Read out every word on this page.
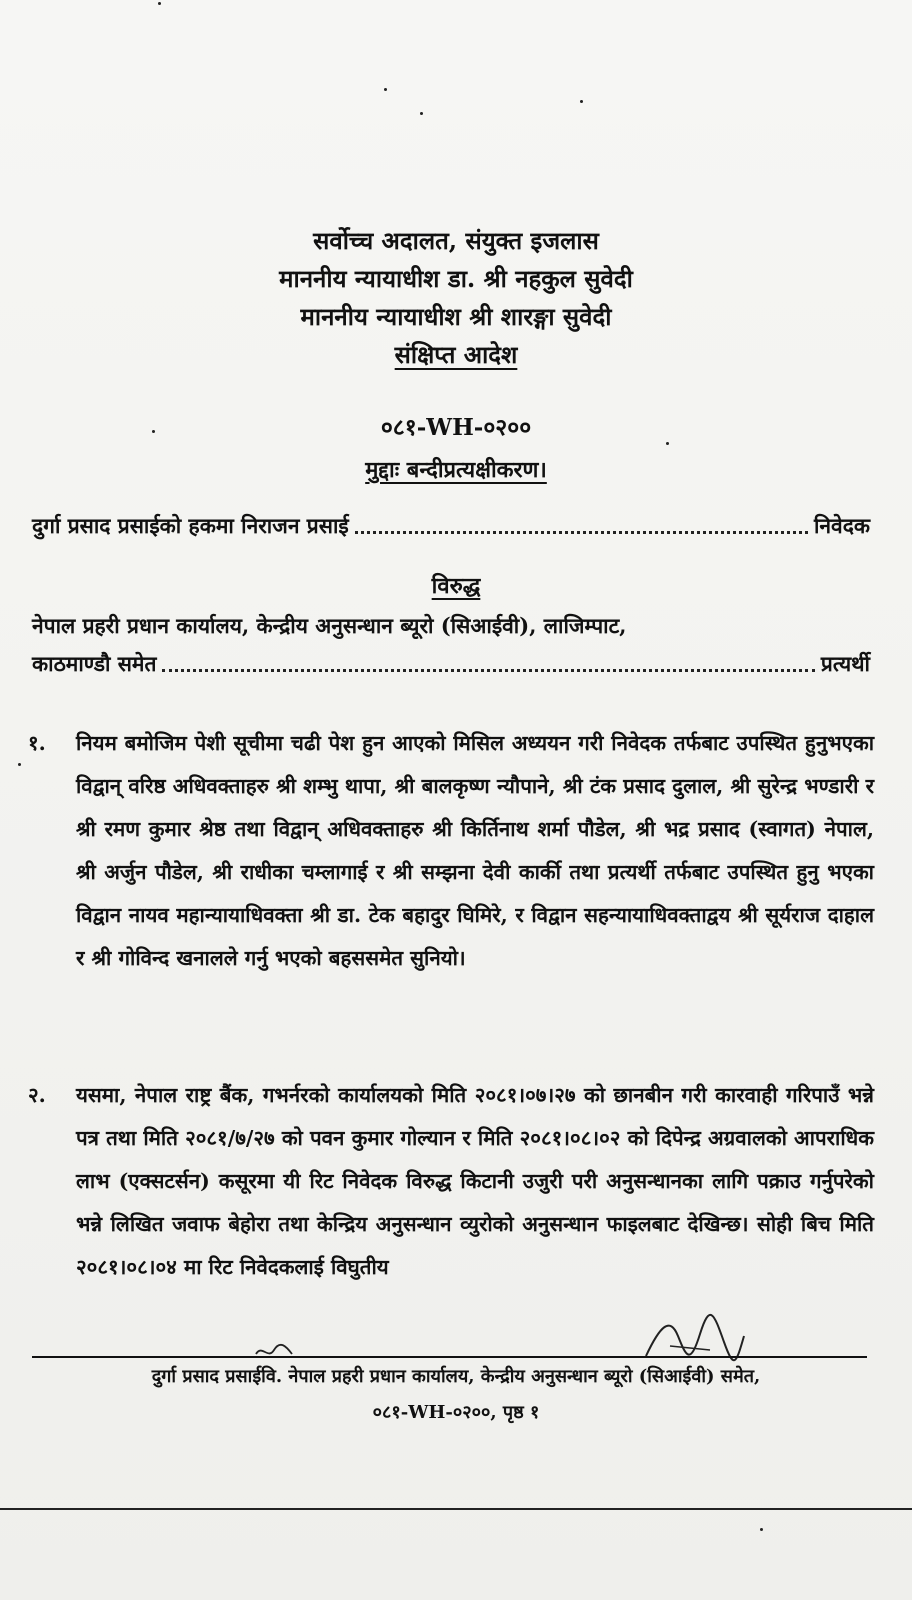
सर्वोच्च अदालत, संयुक्त इजलास
माननीय न्यायाधीश डा. श्री नहकुल सुवेदी
माननीय न्यायाधीश श्री शारङ्गा सुवेदी
संक्षिप्त आदेश
०८१-WH-०२००
मुद्दाः बन्दीप्रत्यक्षीकरण।
दुर्गा प्रसाद प्रसाईको हकमा निराजन प्रसाई	निवेदक
विरुद्ध
नेपाल प्रहरी प्रधान कार्यालय, केन्द्रीय अनुसन्धान ब्यूरो (सिआईवी), लाजिम्पाट,
काठमाण्डौ समेत	प्रत्यर्थी
१.	नियम बमोजिम पेशी सूचीमा चढी पेश हुन आएको मिसिल अध्ययन गरी निवेदक तर्फबाट उपस्थित हुनुभएका विद्वान् वरिष्ठ अधिवक्ताहरु श्री शम्भु थापा, श्री बालकृष्ण न्यौपाने, श्री टंक प्रसाद दुलाल, श्री सुरेन्द्र भण्डारी र श्री रमण कुमार श्रेष्ठ तथा विद्वान् अधिवक्ताहरु श्री किर्तिनाथ शर्मा पौडेल, श्री भद्र प्रसाद (स्वागत) नेपाल, श्री अर्जुन पौडेल, श्री राधीका चम्लागाई र श्री सम्झना देवी कार्की तथा प्रत्यर्थी तर्फबाट उपस्थित हुनु भएका विद्वान नायव महान्यायाधिवक्ता श्री डा. टेक बहादुर घिमिरे, र विद्वान सहन्यायाधिवक्ताद्वय श्री सूर्यराज दाहाल र श्री गोविन्द खनालले गर्नु भएको बहससमेत सुनियो।
२.	यसमा, नेपाल राष्ट्र बैंक, गभर्नरको कार्यालयको मिति २०८१।०७।२७ को छानबीन गरी कारवाही गरिपाउँ भन्ने पत्र तथा मिति २०८१/७/२७ को पवन कुमार गोल्यान र मिति २०८१।०८।०२ को दिपेन्द्र अग्रवालको आपराधिक लाभ (एक्सटर्सन) कसूरमा यी रिट निवेदक विरुद्ध किटानी उजुरी परी अनुसन्धानका लागि पक्राउ गर्नुपरेको भन्ने लिखित जवाफ बेहोरा तथा केन्द्रिय अनुसन्धान व्युरोको अनुसन्धान फाइलबाट देखिन्छ। सोही बिच मिति २०८१।०८।०४ मा रिट निवेदकलाई विघुतीय
दुर्गा प्रसाद प्रसाईवि. नेपाल प्रहरी प्रधान कार्यालय, केन्द्रीय अनुसन्धान ब्यूरो (सिआईवी) समेत,
०८१-WH-०२००, पृष्ठ १
